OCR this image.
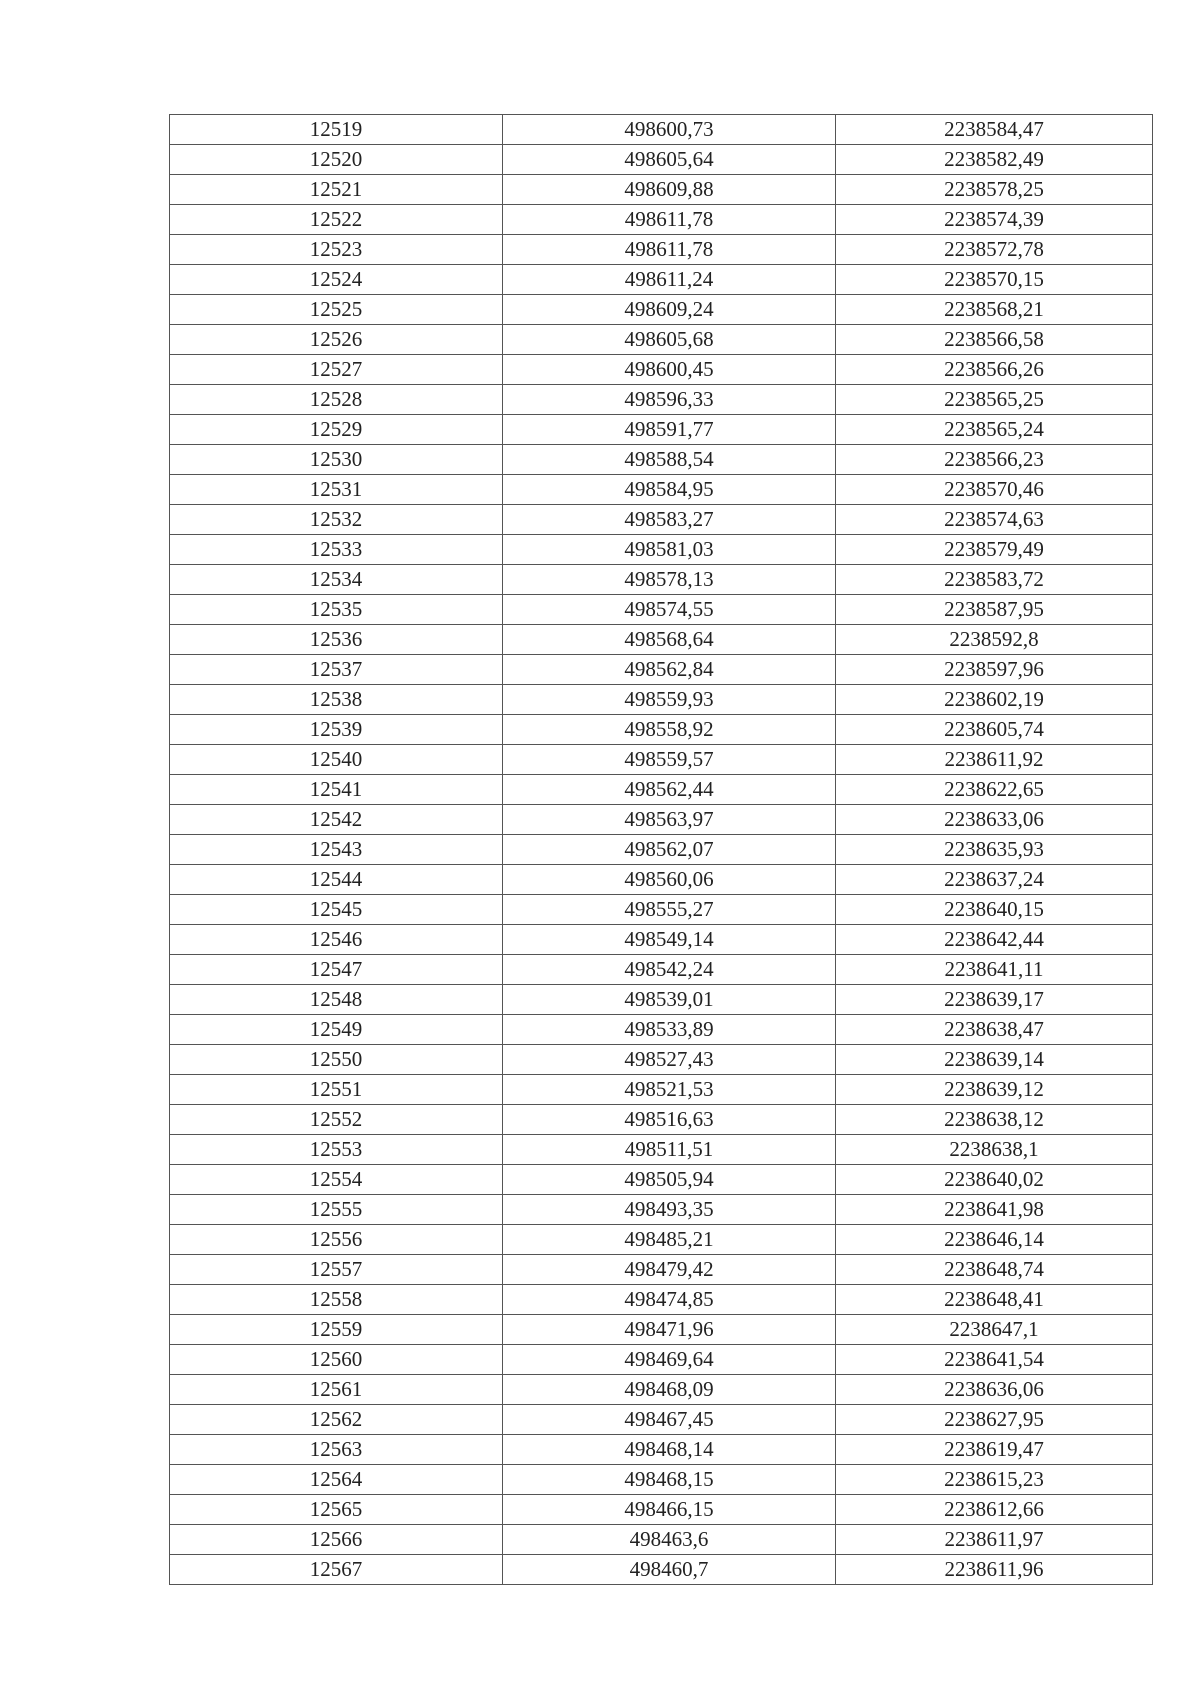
12519	498600,73	2238584,47
12520	498605,64	2238582,49
12521	498609,88	2238578,25
12522	498611,78	2238574,39
12523	498611,78	2238572,78
12524	498611,24	2238570,15
12525	498609,24	2238568,21
12526	498605,68	2238566,58
12527	498600,45	2238566,26
12528	498596,33	2238565,25
12529	498591,77	2238565,24
12530	498588,54	2238566,23
12531	498584,95	2238570,46
12532	498583,27	2238574,63
12533	498581,03	2238579,49
12534	498578,13	2238583,72
12535	498574,55	2238587,95
12536	498568,64	2238592,8
12537	498562,84	2238597,96
12538	498559,93	2238602,19
12539	498558,92	2238605,74
12540	498559,57	2238611,92
12541	498562,44	2238622,65
12542	498563,97	2238633,06
12543	498562,07	2238635,93
12544	498560,06	2238637,24
12545	498555,27	2238640,15
12546	498549,14	2238642,44
12547	498542,24	2238641,11
12548	498539,01	2238639,17
12549	498533,89	2238638,47
12550	498527,43	2238639,14
12551	498521,53	2238639,12
12552	498516,63	2238638,12
12553	498511,51	2238638,1
12554	498505,94	2238640,02
12555	498493,35	2238641,98
12556	498485,21	2238646,14
12557	498479,42	2238648,74
12558	498474,85	2238648,41
12559	498471,96	2238647,1
12560	498469,64	2238641,54
12561	498468,09	2238636,06
12562	498467,45	2238627,95
12563	498468,14	2238619,47
12564	498468,15	2238615,23
12565	498466,15	2238612,66
12566	498463,6	2238611,97
12567	498460,7	2238611,96
